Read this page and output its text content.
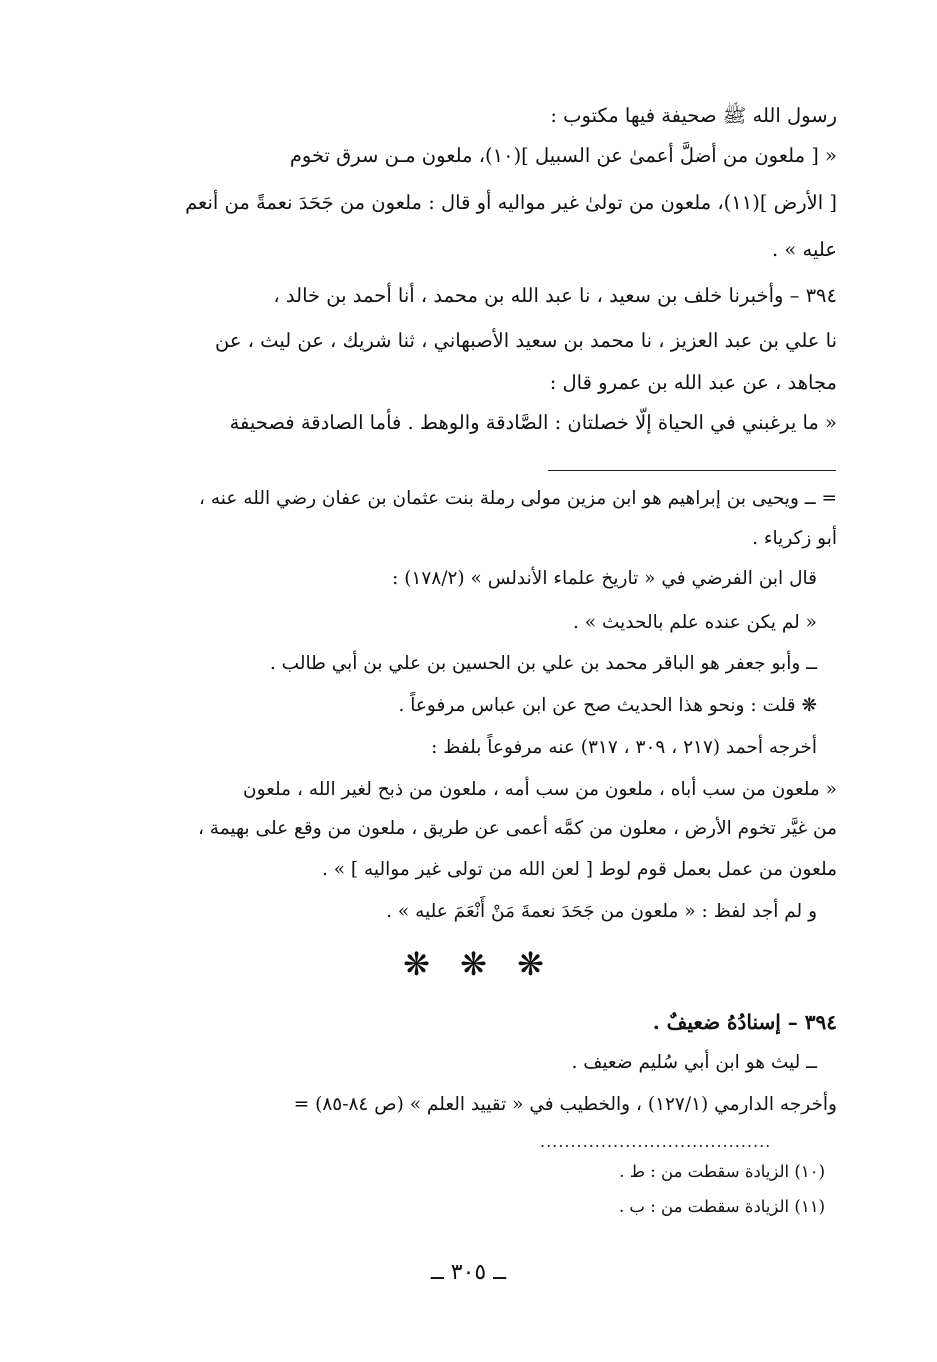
رسول الله ﷺ صحيفة فيها مكتوب :
« [ ملعون من أضلَّ أعمىٰ عن السبيل ](١٠)، ملعون مـن سرق تخوم
[ الأرض ](١١)، ملعون من تولىٰ غير مواليه أو قال : ملعون من جَحَدَ نعمةً من أنعم
عليه » .
٣٩٤ – وأخبرنا خلف بن سعيد ، نا عبد الله بن محمد ، أنا أحمد بن خالد ،
نا علي بن عبد العزيز ، نا محمد بن سعيد الأصبهاني ، ثنا شريك ، عن ليث ، عن
مجاهد ، عن عبد الله بن عمرو قال :
« ما يرغبني في الحياة إلّا خصلتان : الصَّادقة والوهط . فأما الصادقة فصحيفة
= ــ ويحيى بن إبراهيم هو ابن مزين مولى رملة بنت عثمان بن عفان رضي الله عنه ،
أبو زكرياء .
قال ابن الفرضي في « تاريخ علماء الأندلس » (١٧٨/٢) :
« لم يكن عنده علم بالحديث » .
ــ وأبو جعفر هو الباقر محمد بن علي بن الحسين بن علي بن أبي طالب .
❋ قلت : ونحو هذا الحديث صح عن ابن عباس مرفوعاً .
أخرجه أحمد (٢١٧ ، ٣٠٩ ، ٣١٧) عنه مرفوعاً بلفظ :
« ملعون من سب أباه ، ملعون من سب أمه ، ملعون من ذبح لغير الله ، ملعون
من غيَّر تخوم الأرض ، معلون من كمَّه أعمى عن طريق ، ملعون من وقع على بهيمة ،
ملعون من عمل بعمل قوم لوط [ لعن الله من تولى غير مواليه ] » .
و لم أجد لفظ : « ملعون من جَحَدَ نعمةَ مَنْ أَنْعَمَ عليه » .
❋ ❋ ❋
٣٩٤ – إسنادُهُ ضعيفٌ .
ــ ليث هو ابن أبي سُليم ضعيف .
وأخرجه الدارمي (١٢٧/١) ، والخطيب في « تقييد العلم » (ص ٨٤-٨٥) =
......................................
(١٠) الزيادة سقطت من : ط .
(١١) الزيادة سقطت من : ب .
ــ ٣٠٥ ــ
